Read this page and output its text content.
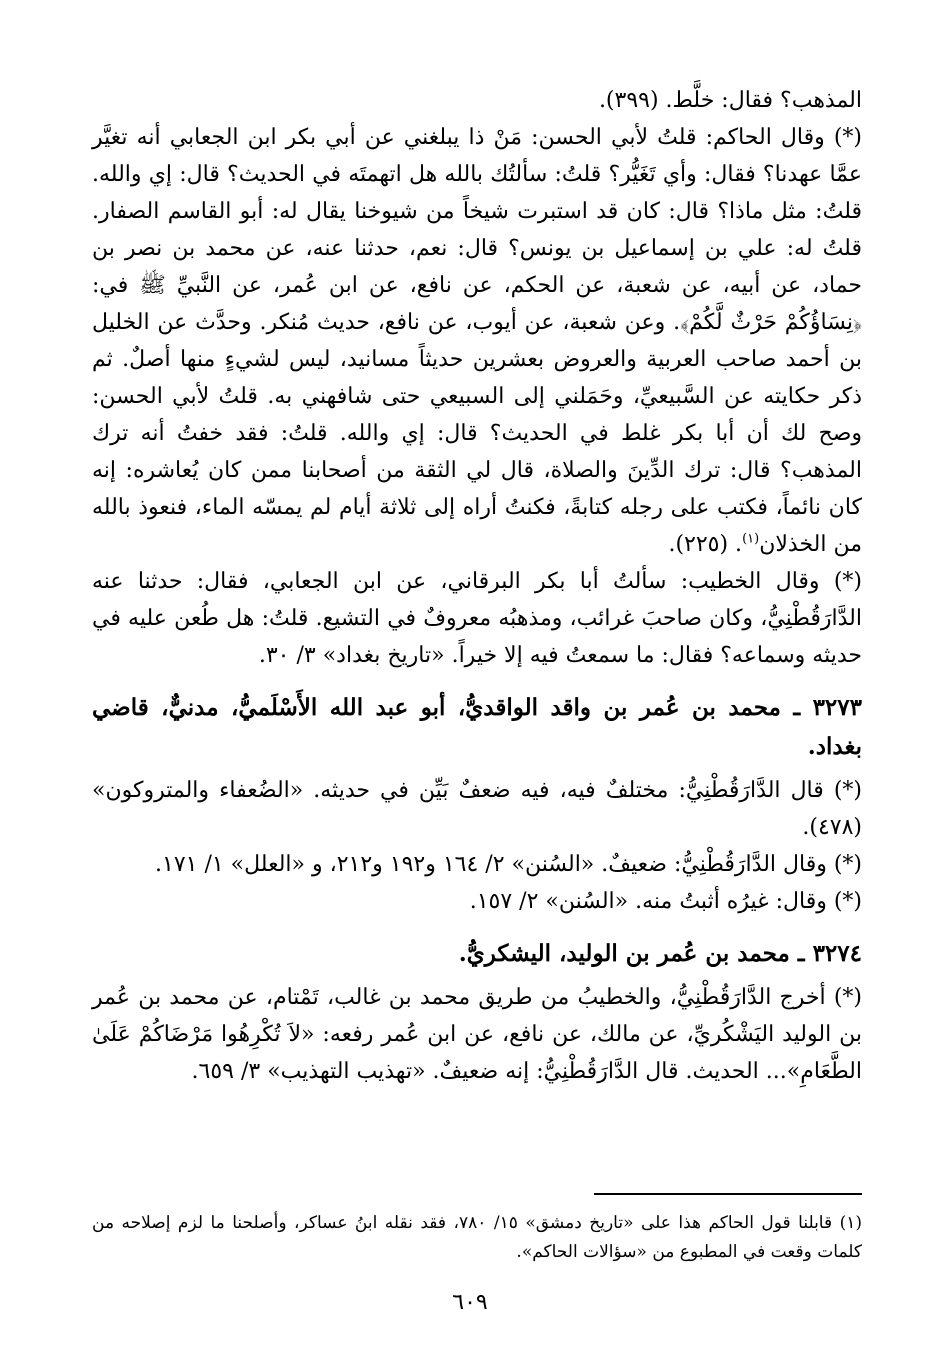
المذهب؟ فقال: خلَّط. (٣٩٩).

(*) وقال الحاكم: قلتُ لأبي الحسن: مَنْ ذا يبلغني عن أبي بكر ابن الجعابي أنه تغيَّر عمَّا عهدنا؟ فقال: وأي تَغَيُّر؟ قلتُ: سألتُك بالله هل اتهمتَه في الحديث؟ قال: إي والله. قلتُ: مثل ماذا؟ قال: كان قد استبرت شيخاً من شيوخنا يقال له: أبو القاسم الصفار. قلتُ له: علي بن إسماعيل بن يونس؟ قال: نعم، حدثنا عنه، عن محمد بن نصر بن حماد، عن أبيه، عن شعبة، عن الحكم، عن نافع، عن ابن عُمر، عن النَّبيِّ ﷺ في: ﴿نِسَاؤُكُمْ حَرْثٌ لَّكُمْ﴾. وعن شعبة، عن أيوب، عن نافع، حديث مُنكر. وحدَّث عن الخليل بن أحمد صاحب العربية والعروض بعشرين حديثاً مسانيد، ليس لشيءٍ منها أصلٌ. ثم ذكر حكايته عن السَّبيعيِّ، وحَمَلني إلى السبيعي حتى شافهني به. قلتُ لأبي الحسن: وصح لك أن أبا بكر غلط في الحديث؟ قال: إي والله. قلتُ: فقد خفتُ أنه ترك المذهب؟ قال: ترك الدِّينَ والصلاة، قال لي الثقة من أصحابنا ممن كان يُعاشره: إنه كان نائماً، فكتب على رجله كتابةً، فكنتُ أراه إلى ثلاثة أيام لم يمسّه الماء، فنعوذ بالله من الخذلان$^{(١)}$. (٢٢٥).

(*) وقال الخطيب: سألتُ أبا بكر البرقاني، عن ابن الجعابي، فقال: حدثنا عنه الدَّارَقُطْنِيُّ، وكان صاحبَ غرائب، ومذهبُه معروفٌ في التشيع. قلتُ: هل طُعن عليه في حديثه وسماعه؟ فقال: ما سمعتُ فيه إلا خيراً. «تاريخ بغداد» ٣/ ٣٠.

٣٢٧٣ ـ محمد بن عُمر بن واقد الواقديُّ، أبو عبد الله الأَسْلَميُّ، مدنيٌّ، قاضي بغداد.

(*) قال الدَّارَقُطْنِيُّ: مختلفٌ فيه، فيه ضعفٌ بَيِّن في حديثه. «الضُعفاء والمتروكون» (٤٧٨).

(*) وقال الدَّارَقُطْنِيُّ: ضعيفٌ. «السُنن» ٢/ ١٦٤ و١٩٢ و٢١٢، و «العلل» ١/ ١٧١.

(*) وقال: غيرُه أثبتُ منه. «السُنن» ٢/ ١٥٧.

٣٢٧٤ ـ محمد بن عُمر بن الوليد، اليشكريُّ.

(*) أخرج الدَّارَقُطْنِيُّ، والخطيبُ من طريق محمد بن غالب، تَمْتام، عن محمد بن عُمر بن الوليد اليَشْكُريِّ، عن مالك، عن نافع، عن ابن عُمر رفعه: «لاَ تُكْرِهُوا مَرْضَاكُمْ عَلَىٰ الطَّعَامِ»... الحديث. قال الدَّارَقُطْنِيُّ: إنه ضعيفٌ. «تهذيب التهذيب» ٣/ ٦٥٩.

(١) قابلنا قول الحاكم هذا على «تاريخ دمشق» ١٥/ ٧٨٠، فقد نقله ابنُ عساكر، وأصلحنا ما لزم إصلاحه من كلمات وقعت في المطبوع من «سؤالات الحاكم».

٦٠٩
